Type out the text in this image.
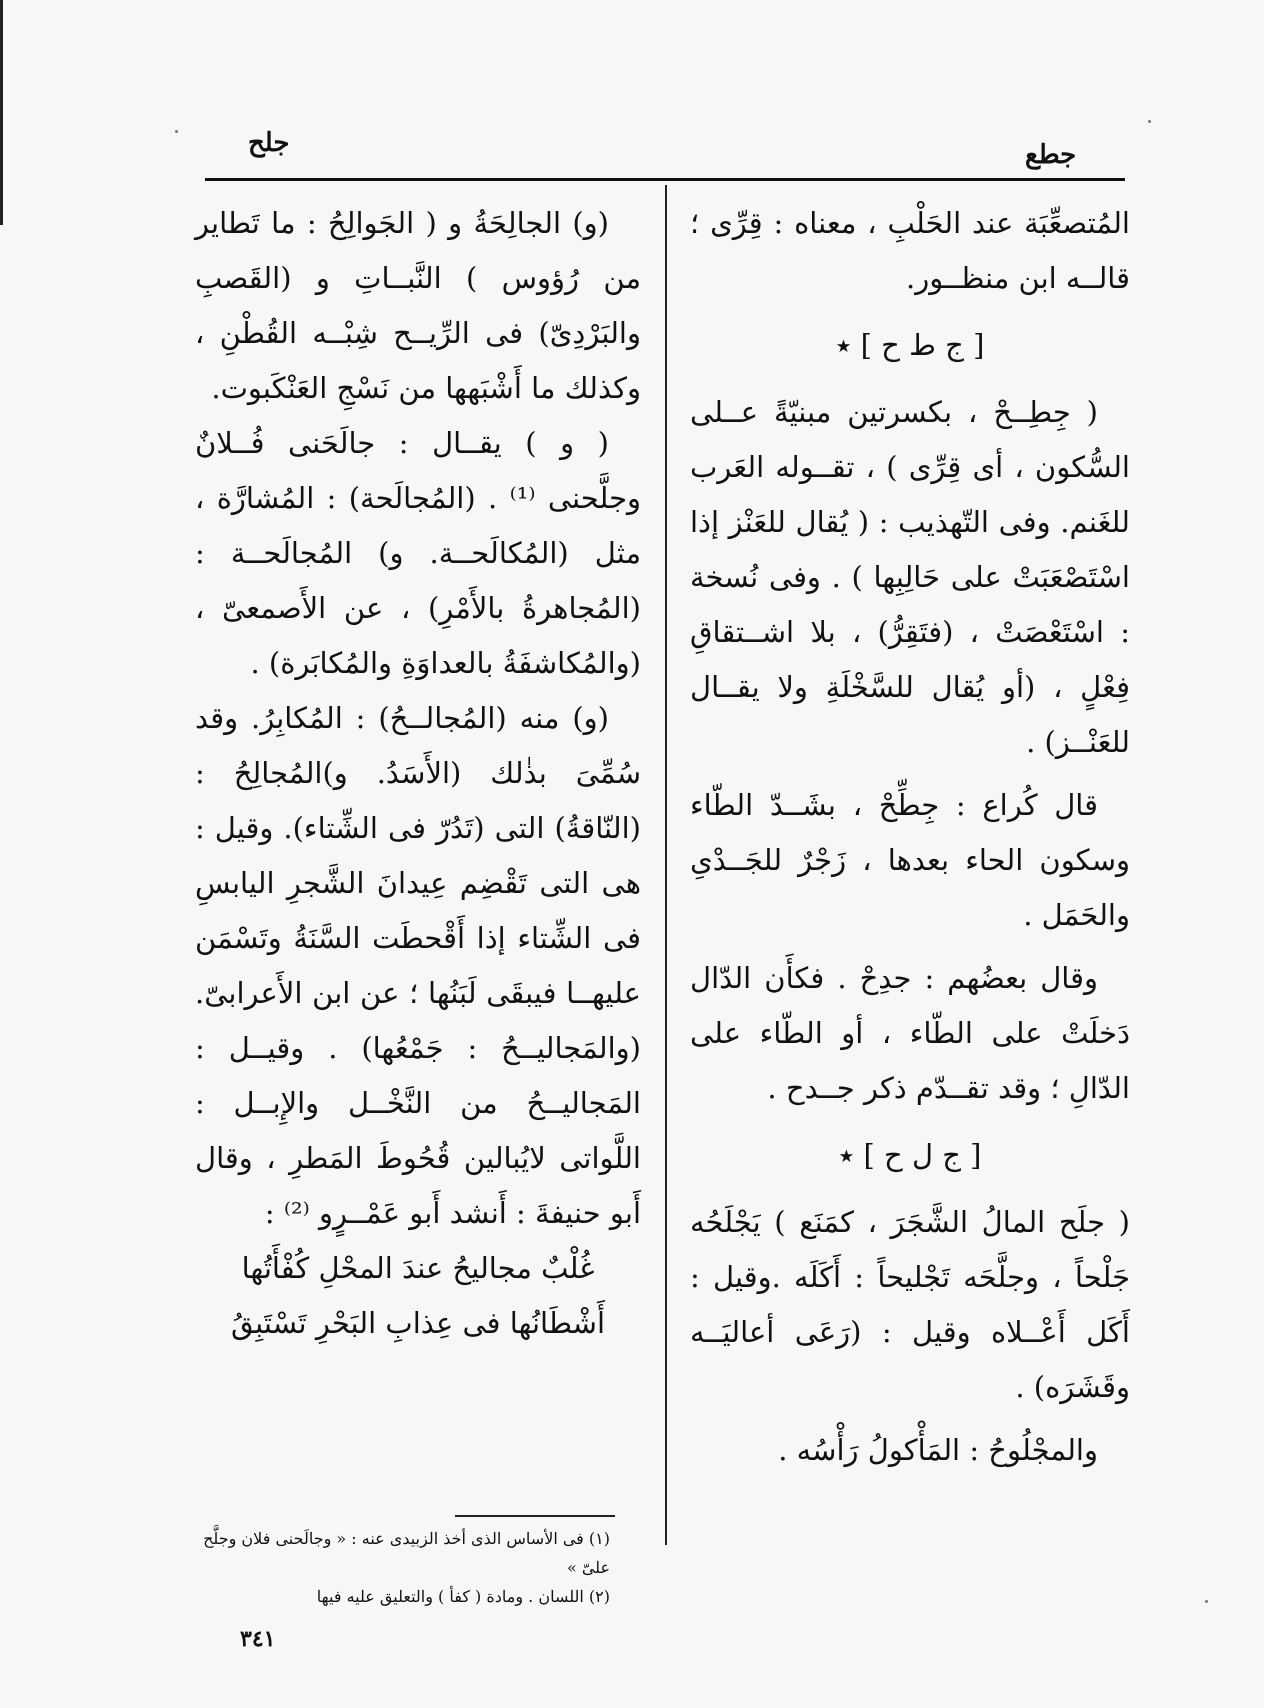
جطع
جلح

المُتصعِّبَة عند الحَلْبِ ، معناه : قِرِّى ؛ قالــه ابن منظــور.

[ ج ط ح ] ٭

( جِطِــحْ ، بكسرتين مبنيّةً عــلى السُّكون ، أى قِرِّى ) ، تقــوله العَرب للغَنم. وفى التّهذيب : ( يُقال للعَنْز إذا اسْتَصْعَبَتْ على حَالِبِها ) . وفى نُسخة : اسْتَعْصَتْ ، (فتَقِرُّ) ، بلا اشــتقاقِ فِعْلٍ ، (أو يُقال للسَّخْلَةِ ولا يقــال للعَنْــز) .

قال كُراع : جِطِّحْ ، بشَــدّ الطّاء وسكون الحاء بعدها ، زَجْرٌ للجَــدْىِ والحَمَل .

وقال بعضُهم : جدِحْ . فكأَن الدّال دَخلَتْ على الطّاء ، أو الطّاء على الدّالِ ؛ وقد تقــدّم ذكر جــدح .

[ ج ل ح ] ٭

( جلَح المالُ الشَّجَرَ ، كمَنَع ) يَجْلَحُه جَلْحاً ، وجلَّحَه تَجْليحاً : أَكَلَه .وقيل : أَكَل أَعْــلاه وقيل : (رَعَى أعاليَــه وقَشَرَه) .

والمجْلُوحُ : المَأْكولُ رَأْسُه .

(و) الجالِحَةُ و ( الجَوالِحُ : ما تَطاير من رُؤوس ) النَّبــاتِ و (القَصبِ والبَرْدِىّ) فى الرِّيــح شِبْــه القُطْنِ ، وكذلك ما أَشْبَهها من نَسْجِ العَنْكَبوت.

( و ) يقــال : جالَحَنى فُــلانٌ وجلَّحنى ⁽¹⁾ . (المُجالَحة) : المُشارَّة ، مثل (المُكالَحــة. و) المُجالَحــة : (المُجاهرةُ بالأَمْرِ) ، عن الأَصمعىّ ، (والمُكاشفَةُ بالعداوَةِ والمُكابَرة) .

(و) منه (المُجالــحُ) : المُكابِرُ. وقد سُمِّىَ بذٰلك (الأَسَدُ. و)المُجالِحُ : (النّاقةُ) التى (تَدُرّ فى الشِّتاء). وقيل : هى التى تَقْضِم عِيدانَ الشَّجرِ اليابسِ فى الشِّتاء إذا أَقْحطَت السَّنَةُ وتَسْمَن عليهــا فيبقَى لَبَنُها ؛ عن ابن الأَعرابىّ. (والمَجاليــحُ : جَمْعُها) . وقيــل : المَجاليــحُ من النَّخْــل والإِبــل : اللَّواتى لايُبالين قُحُوطَ المَطرِ ، وقال أَبو حنيفةَ : أَنشد أَبو عَمْــرٍو ⁽²⁾ :

غُلْبٌ مجاليحُ عندَ المحْلِ كُفْأَتُها

أَشْطَانُها فى عِذابِ البَحْرِ تَسْتَبِقُ

(١) فى الأساس الذى أخذ الزبيدى عنه : « وجالَحنى فلان وجلَّح علىّ »

(٢) اللسان . ومادة ( كفأ ) والتعليق عليه فيها

٣٤١
